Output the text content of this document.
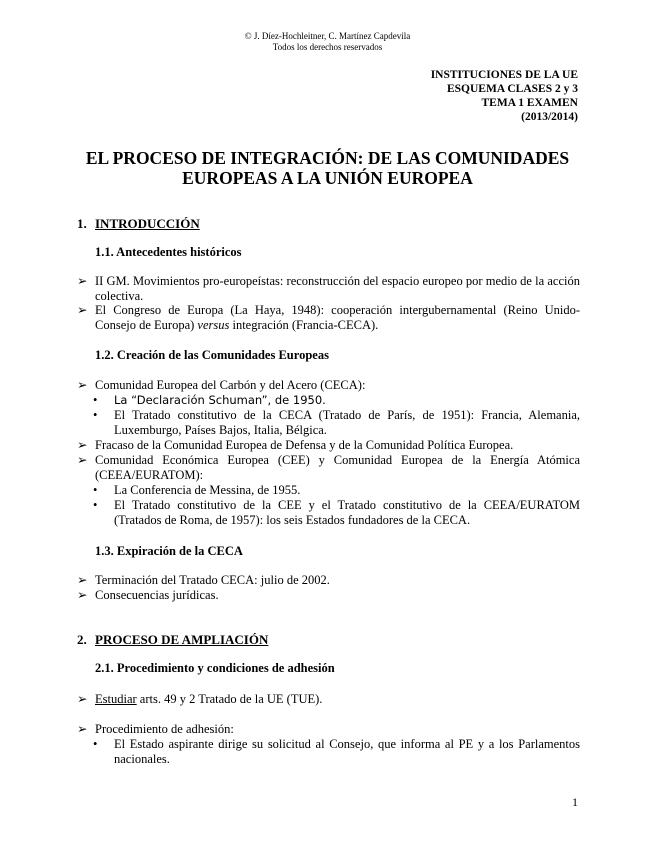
© J. Díez-Hochleitner, C. Martínez Capdevila
Todos los derechos reservados
INSTITUCIONES DE LA UE
ESQUEMA CLASES 2 y 3
TEMA 1 EXAMEN
(2013/2014)
EL PROCESO DE INTEGRACIÓN: DE LAS COMUNIDADES
EUROPEAS A LA UNIÓN EUROPEA
1. INTRODUCCIÓN
1.1. Antecedentes históricos
➢ II GM. Movimientos pro-europeístas: reconstrucción del espacio europeo por medio de la acción colectiva.
➢ El Congreso de Europa (La Haya, 1948): cooperación intergubernamental (Reino Unido-Consejo de Europa) versus integración (Francia-CECA).
1.2. Creación de las Comunidades Europeas
➢ Comunidad Europea del Carbón y del Acero (CECA):
• La “Declaración Schuman”, de 1950.
• El Tratado constitutivo de la CECA (Tratado de París, de 1951): Francia, Alemania, Luxemburgo, Países Bajos, Italia, Bélgica.
➢ Fracaso de la Comunidad Europea de Defensa y de la Comunidad Política Europea.
➢ Comunidad Económica Europea (CEE) y Comunidad Europea de la Energía Atómica (CEEA/EURATOM):
• La Conferencia de Messina, de 1955.
• El Tratado constitutivo de la CEE y el Tratado constitutivo de la CEEA/EURATOM (Tratados de Roma, de 1957): los seis Estados fundadores de la CECA.
1.3. Expiración de la CECA
➢ Terminación del Tratado CECA: julio de 2002.
➢ Consecuencias jurídicas.
2. PROCESO DE AMPLIACIÓN
2.1. Procedimiento y condiciones de adhesión
➢ Estudiar arts. 49 y 2 Tratado de la UE (TUE).
➢ Procedimiento de adhesión:
• El Estado aspirante dirige su solicitud al Consejo, que informa al PE y a los Parlamentos nacionales.
1
